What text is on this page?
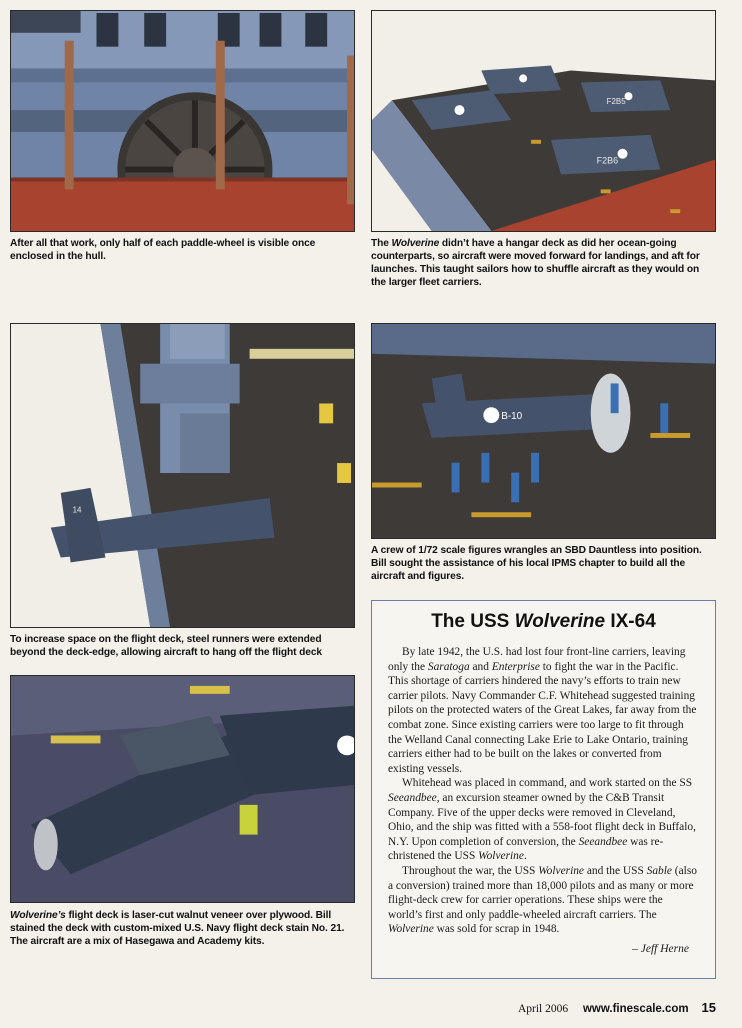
After all that work, only half of each paddle-wheel is visible once enclosed in the hull.
F2B5
F2B6
The Wolverine didn’t have a hangar deck as did her ocean-going counterparts, so aircraft were moved forward for landings, and aft for launches. This taught sailors how to shuffle aircraft as they would on the larger fleet carriers.
14
To increase space on the flight deck, steel runners were extended beyond the deck-edge, allowing aircraft to hang off the flight deck
B-10
A crew of 1/72 scale figures wrangles an SBD Dauntless into position. Bill sought the assistance of his local IPMS chapter to build all the aircraft and figures.
Wolverine’s flight deck is laser-cut walnut veneer over plywood. Bill stained the deck with custom-mixed U.S. Navy flight deck stain No. 21. The aircraft are a mix of Hasegawa and Academy kits.
The USS Wolverine IX-64

By late 1942, the U.S. had lost four front-line carriers, leaving only the Saratoga and Enterprise to fight the war in the Pacific. This shortage of carriers hindered the navy’s efforts to train new carrier pilots. Navy Commander C.F. Whitehead suggested training pilots on the protected waters of the Great Lakes, far away from the combat zone. Since existing carriers were too large to fit through the Welland Canal connecting Lake Erie to Lake Ontario, training carriers either had to be built on the lakes or converted from existing vessels.

Whitehead was placed in command, and work started on the SS Seeandbee, an excursion steamer owned by the C&B Transit Company. Five of the upper decks were removed in Cleveland, Ohio, and the ship was fitted with a 558-foot flight deck in Buffalo, N.Y. Upon completion of conversion, the Seeandbee was re-christened the USS Wolverine.

Throughout the war, the USS Wolverine and the USS Sable (also a conversion) trained more than 18,000 pilots and as many or more flight-deck crew for carrier operations. These ships were the world’s first and only paddle-wheeled aircraft carriers. The Wolverine was sold for scrap in 1948.

– Jeff Herne
April 2006 www.finescale.com 15
